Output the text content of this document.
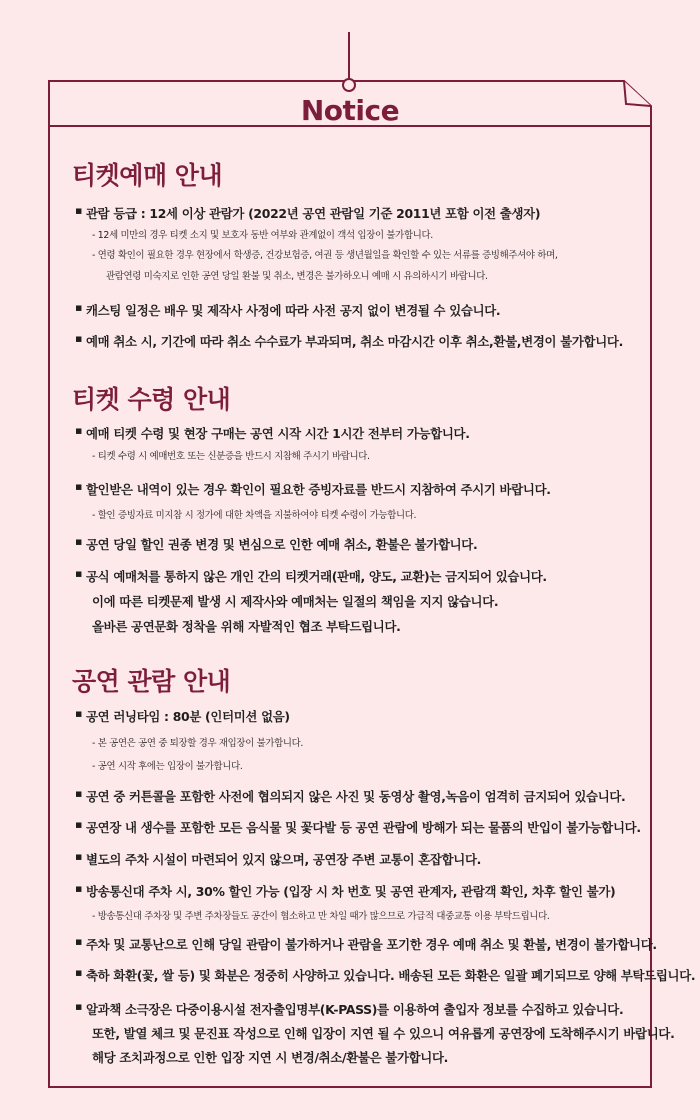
Notice
티켓예매 안내
▪ 관람 등급 : 12세 이상 관람가 (2022년 공연 관람일 기준 2011년 포함 이전 출생자)
- 12세 미만의 경우 티켓 소지 및 보호자 동반 여부와 관계없이 객석 입장이 불가합니다.
- 연령 확인이 필요한 경우 현장에서 학생증, 건강보험증, 여권 등 생년월일을 확인할 수 있는 서류를 증빙해주셔야 하며,
관람연령 미숙지로 인한 공연 당일 환불 및 취소, 변경은 불가하오니 예매 시 유의하시기 바랍니다.
▪ 캐스팅 일정은 배우 및 제작사 사정에 따라 사전 공지 없이 변경될 수 있습니다.
▪ 예매 취소 시, 기간에 따라 취소 수수료가 부과되며, 취소 마감시간 이후 취소,환불,변경이 불가합니다.
티켓 수령 안내
▪ 예매 티켓 수령 및 현장 구매는 공연 시작 시간 1시간 전부터 가능합니다.
- 티켓 수령 시 예매번호 또는 신분증을 반드시 지참해 주시기 바랍니다.
▪ 할인받은 내역이 있는 경우 확인이 필요한 증빙자료를 반드시 지참하여 주시기 바랍니다.
- 할인 증빙자료 미지참 시 정가에 대한 차액을 지불하여야 티켓 수령이 가능합니다.
▪ 공연 당일 할인 권종 변경 및 변심으로 인한 예매 취소, 환불은 불가합니다.
▪ 공식 예매처를 통하지 않은 개인 간의 티켓거래(판매, 양도, 교환)는 금지되어 있습니다.
이에 따른 티켓문제 발생 시 제작사와 예매처는 일절의 책임을 지지 않습니다.
올바른 공연문화 정착을 위해 자발적인 협조 부탁드립니다.
공연 관람 안내
▪ 공연 러닝타임 : 80분 (인터미션 없음)
- 본 공연은 공연 중 퇴장할 경우 재입장이 불가합니다.
- 공연 시작 후에는 입장이 불가합니다.
▪ 공연 중 커튼콜을 포함한 사전에 협의되지 않은 사진 및 동영상 촬영,녹음이 엄격히 금지되어 있습니다.
▪ 공연장 내 생수를 포함한 모든 음식물 및 꽃다발 등 공연 관람에 방해가 되는 물품의 반입이 불가능합니다.
▪ 별도의 주차 시설이 마련되어 있지 않으며, 공연장 주변 교통이 혼잡합니다.
▪ 방송통신대 주차 시, 30% 할인 가능 (입장 시 차 번호 및 공연 관계자, 관람객 확인, 차후 할인 불가)
- 방송통신대 주차장 및 주변 주차장들도 공간이 협소하고 만 차일 때가 많으므로 가급적 대중교통 이용 부탁드립니다.
▪ 주차 및 교통난으로 인해 당일 관람이 불가하거나 관람을 포기한 경우 예매 취소 및 환불, 변경이 불가합니다.
▪ 축하 화환(꽃, 쌀 등) 및 화분은 정중히 사양하고 있습니다. 배송된 모든 화환은 일괄 폐기되므로 양해 부탁드립니다.
▪ 알과책 소극장은 다중이용시설 전자출입명부(K-PASS)를 이용하여 출입자 정보를 수집하고 있습니다.
또한, 발열 체크 및 문진표 작성으로 인해 입장이 지연 될 수 있으니 여유롭게 공연장에 도착해주시기 바랍니다.
해당 조치과정으로 인한 입장 지연 시 변경/취소/환불은 불가합니다.
